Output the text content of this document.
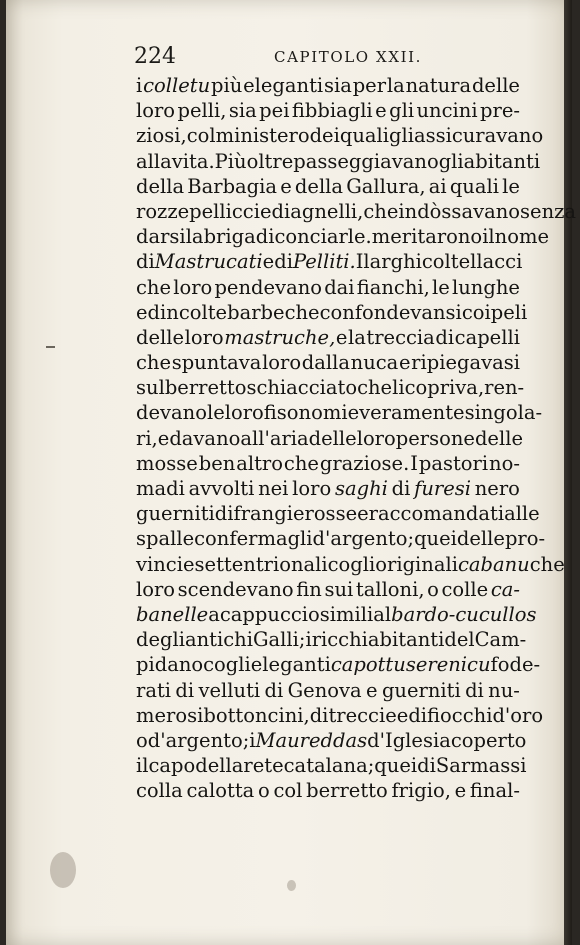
224	CAPITOLO XXII.
i colletu più eleganti sia per la natura delle
loro pelli, sia pei fibbiagli e gli uncini pre-
ziosi, col ministero dei quali gli assicuravano
alla vita. Più oltre passeggiavano gli abitanti
della Barbagia e della Gallura, ai quali le
rozze pelliccie di agnelli, che indòssavano senza
darsi la briga di conciarle. meritarono il nome
di Mastrucati e di Pelliti. I larghi coltellacci
che loro pendevano dai fianchi, le lunghe
ed incolte barbe che confondevansi coi peli
delle loro mastruche, e la treccia di capelli
che spuntava loro dalla nuca e ripiegavasi
sul berretto schiacciato che li copriva, ren-
devano le loro fisonomie veramente singola-
ri, e davano all'aria delle loro persone delle
mosse ben altro che graziose. I pastori no-
madi avvolti nei loro saghi di furesi nero
guerniti di frangie rosse e raccomandati alle
spalle con fermagli d'argento; quei delle pro-
vincie settentrionali cogli originali cabanu che
loro scendevano fin sui talloni, o colle ca-
banelle a cappuccio simili al bardo-cucullos
degli antichi Galli; i ricchi abitanti del Cam-
pidano cogli eleganti capottu serenicu fode-
rati di velluti di Genova e guerniti di nu-
merosi bottoncini, di treccie e di fiocchi d'oro
o d'argento; i Maureddas d'Iglesia coperto
il capo della rete catalana; quei di Sarmassi
colla calotta o col berretto frigio, e final-
